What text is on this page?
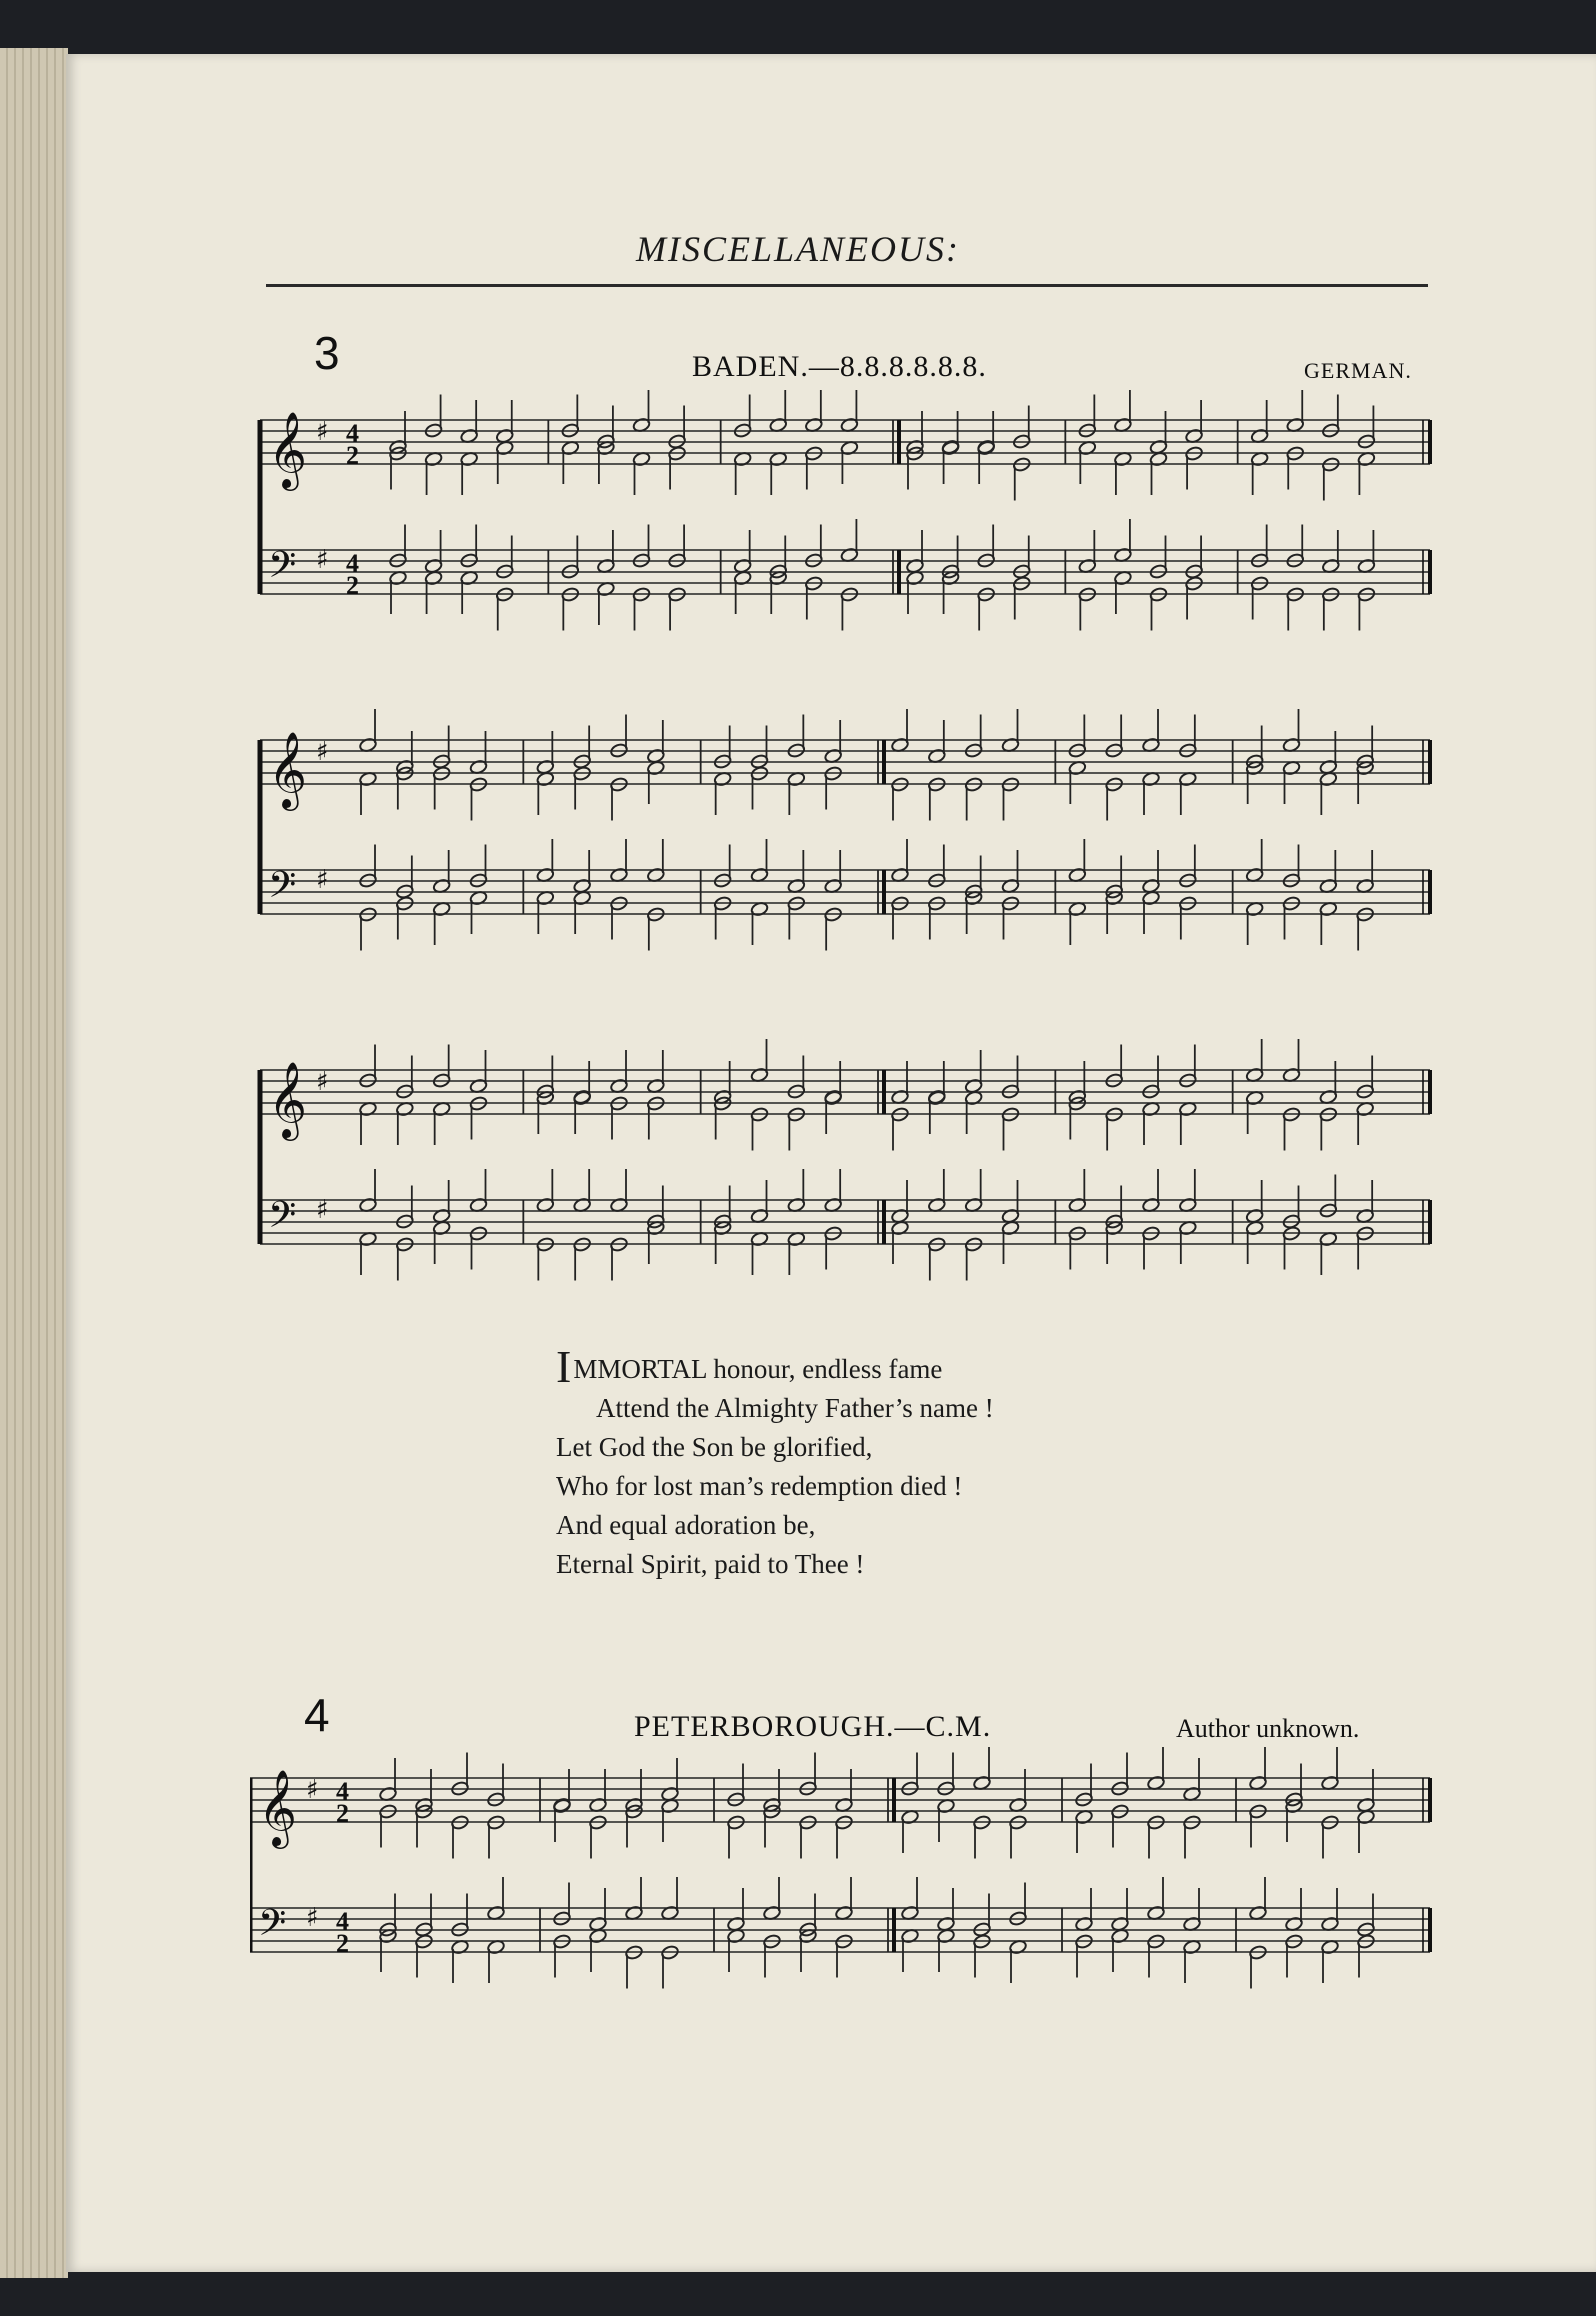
MISCELLANEOUS:
3	BADEN.—8.8.8.8.8.8.	GERMAN.
𝄞 ♯
𝄢 ♯
4
2
4
2
𝄞 ♯
𝄢 ♯
𝄞 ♯
𝄢 ♯
IMMORTAL honour, endless fame
Attend the Almighty Father’s name !
Let God the Son be glorified,
Who for lost man’s redemption died !
And equal adoration be,
Eternal Spirit, paid to Thee !
4	PETERBOROUGH.—C.M.	Author unknown.
𝄞 ♯
𝄢 ♯
4
2
4
2
